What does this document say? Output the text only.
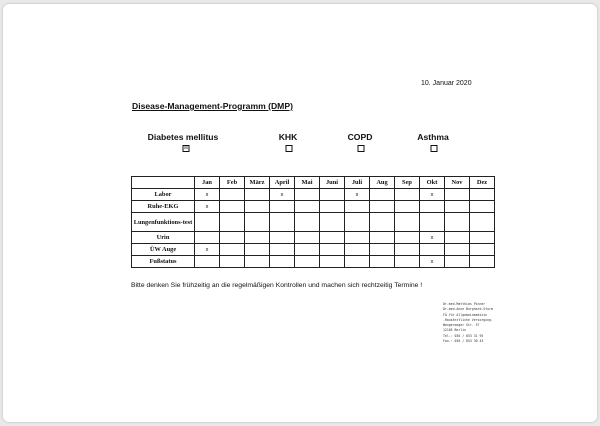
10. Januar 2020
Disease-Management-Programm (DMP)
Diabetes mellitus
☒
KHK	COPD	Asthma
	Jan	Feb	März	April	Mai	Juni	Juli	Aug	Sep	Okt	Nov	Dez
Labor	x			x			x			x		
Ruhe-EKG	x											
Lungenfunktions-test												
Urin										x		
ÜW Auge	x											
Fußstatus										x		
Bitte denken Sie frühzeitig an die regelmäßigen Kontrollen und machen sich rechtzeitig Termine !
Dr.med.Matthias Pinner
Dr.med.Anne Burghard-Sturm
FÄ für Allgemeinmedizin
-Hausärztliche Versorgung-
Wangerooger Str. 57
12105 Berlin
Tel.: 030 / 853 31 95
Fax.: 030 / 853 30 43
